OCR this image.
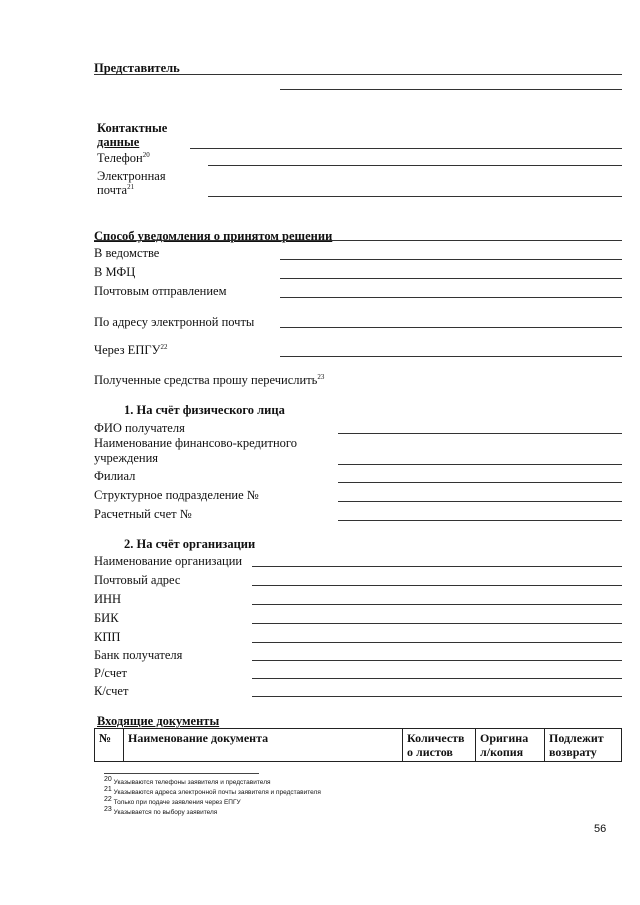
Представитель
Контактные
данные
Телефон$^{20}$
Электронная
почта$^{21}$
Способ уведомления о принятом решении
В ведомстве
В МФЦ
Почтовым отправлением
По адресу электронной почты
Через ЕПГУ$^{22}$
Полученные средства прошу перечислить$^{23}$
1. На счёт физического лица
ФИО получателя
Наименование финансово-кредитного
учреждения
Филиал
Структурное подразделение №
Расчетный счет №
2. На счёт организации
Наименование организации
Почтовый адрес
ИНН
БИК
КПП
Банк получателя
Р/счет
К/счет
Входящие документы
№	Наименование документа	Количеств о листов	Оригина л/копия	Подлежит возврату
$^{20}$ Указываются телефоны заявителя и представителя
$^{21}$ Указываются адреса электронной почты заявителя и представителя
$^{22}$ Только при подаче заявления через ЕПГУ
$^{23}$ Указывается по выбору заявителя
56
